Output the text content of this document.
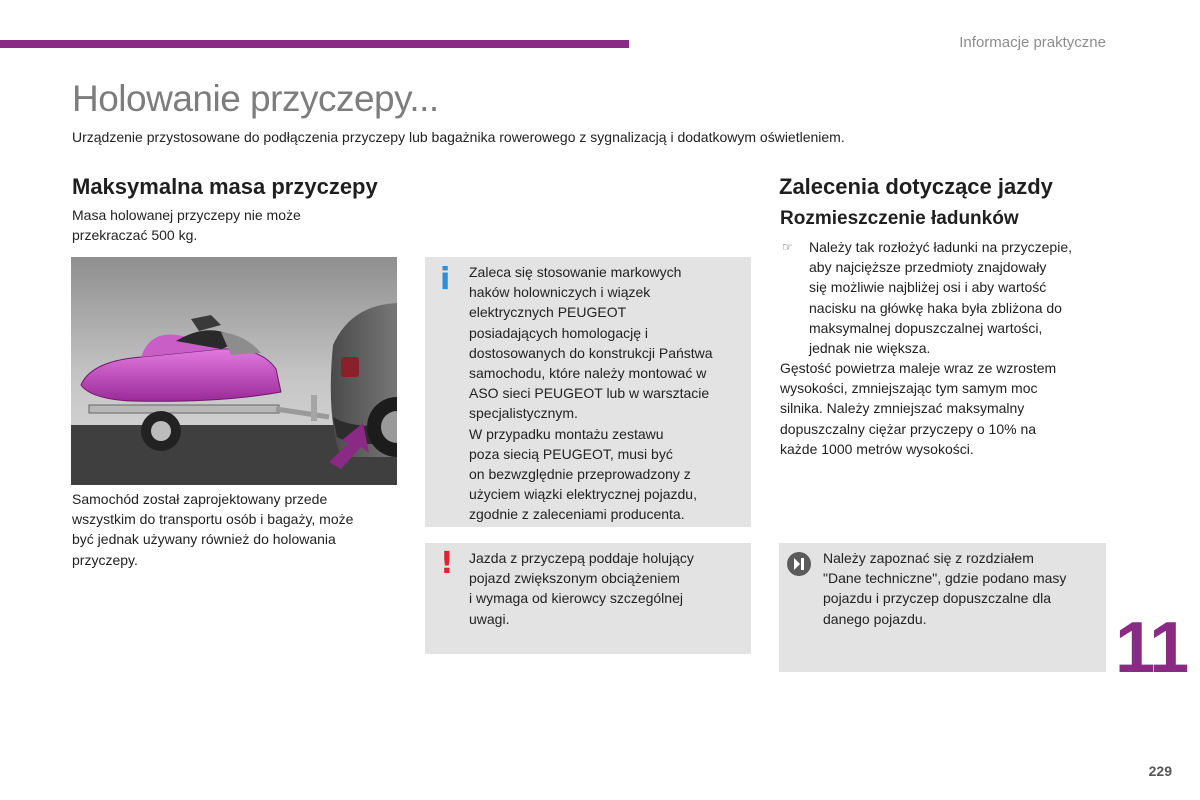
Informacje praktyczne
Holowanie przyczepy...
Urządzenie przystosowane do podłączenia przyczepy lub bagażnika rowerowego z sygnalizacją i dodatkowym oświetleniem.
Maksymalna masa przyczepy
Masa holowanej przyczepy nie może
przekraczać 500 kg.
Samochód został zaprojektowany przede
wszystkim do transportu osób i bagaży, może
być jednak używany również do holowania
przyczepy.
i Zaleca się stosowanie markowych
haków holowniczych i wiązek
elektrycznych PEUGEOT
posiadających homologację i
dostosowanych do konstrukcji Państwa
samochodu, które należy montować w
ASO sieci PEUGEOT lub w warsztacie
specjalistycznym.
W przypadku montażu zestawu
poza siecią PEUGEOT, musi być
on bezwzględnie przeprowadzony z
użyciem wiązki elektrycznej pojazdu,
zgodnie z zaleceniami producenta.
! Jazda z przyczepą poddaje holujący
pojazd zwiększonym obciążeniem
i wymaga od kierowcy szczególnej
uwagi.
Zalecenia dotyczące jazdy
Rozmieszczenie ładunków
☞ Należy tak rozłożyć ładunki na przyczepie,
aby najcięższe przedmioty znajdowały
się możliwie najbliżej osi i aby wartość
nacisku na główkę haka była zbliżona do
maksymalnej dopuszczalnej wartości,
jednak nie większa.
Gęstość powietrza maleje wraz ze wzrostem
wysokości, zmniejszając tym samym moc
silnika. Należy zmniejszać maksymalny
dopuszczalny ciężar przyczepy o 10% na
każde 1000 metrów wysokości.
Należy zapoznać się z rozdziałem
"Dane techniczne", gdzie podano masy
pojazdu i przyczep dopuszczalne dla
danego pojazdu.	11
229
